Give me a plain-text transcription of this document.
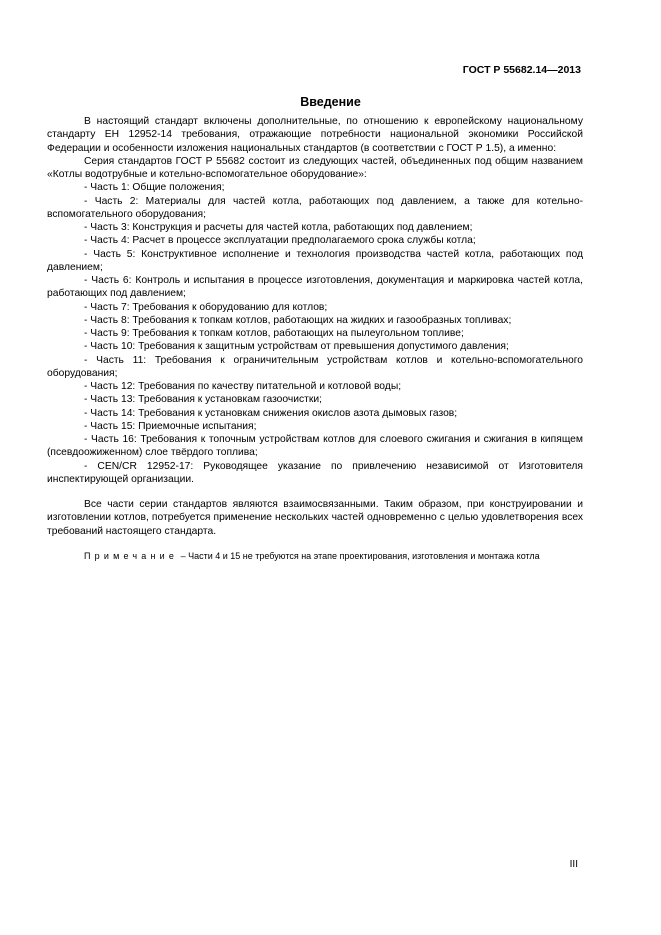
ГОСТ Р 55682.14—2013
Введение

В настоящий стандарт включены дополнительные, по отношению к европейскому национальному стандарту ЕН 12952-14 требования, отражающие потребности национальной экономики Российской Федерации и особенности изложения национальных стандартов (в соответствии с ГОСТ Р 1.5), а именно:

Серия стандартов ГОСТ Р 55682 состоит из следующих частей, объединенных под общим названием «Котлы водотрубные и котельно-вспомогательное оборудование»:

- Часть 1: Общие положения;
- Часть 2: Материалы для частей котла, работающих под давлением, а также для котельно-вспомогательного оборудования;
- Часть 3: Конструкция и расчеты для частей котла, работающих под давлением;
- Часть 4: Расчет в процессе эксплуатации предполагаемого срока службы котла;
- Часть 5: Конструктивное исполнение и технология производства частей котла, работающих под давлением;
- Часть 6: Контроль и испытания в процессе изготовления, документация и маркировка частей котла, работающих под давлением;
- Часть 7: Требования к оборудованию для котлов;
- Часть 8: Требования к топкам котлов, работающих на жидких и газообразных топливах;
- Часть 9: Требования к топкам котлов, работающих на пылеугольном топливе;
- Часть 10: Требования к защитным устройствам от превышения допустимого давления;
- Часть 11: Требования к ограничительным устройствам котлов и котельно-вспомогательного оборудования;
- Часть 12: Требования по качеству питательной и котловой воды;
- Часть 13: Требования к установкам газоочистки;
- Часть 14: Требования к установкам снижения окислов азота дымовых газов;
- Часть 15: Приемочные испытания;
- Часть 16: Требования к топочным устройствам котлов для слоевого сжигания и сжигания в кипящем (псевдоожиженном) слое твёрдого топлива;
- CEN/CR 12952-17: Руководящее указание по привлечению независимой от Изготовителя инспектирующей организации.

Все части серии стандартов являются взаимосвязанными. Таким образом, при конструировании и изготовлении котлов, потребуется применение нескольких частей одновременно с целью удовлетворения всех требований настоящего стандарта.

Примечание – Части 4 и 15 не требуются на этапе проектирования, изготовления и монтажа котла

III
